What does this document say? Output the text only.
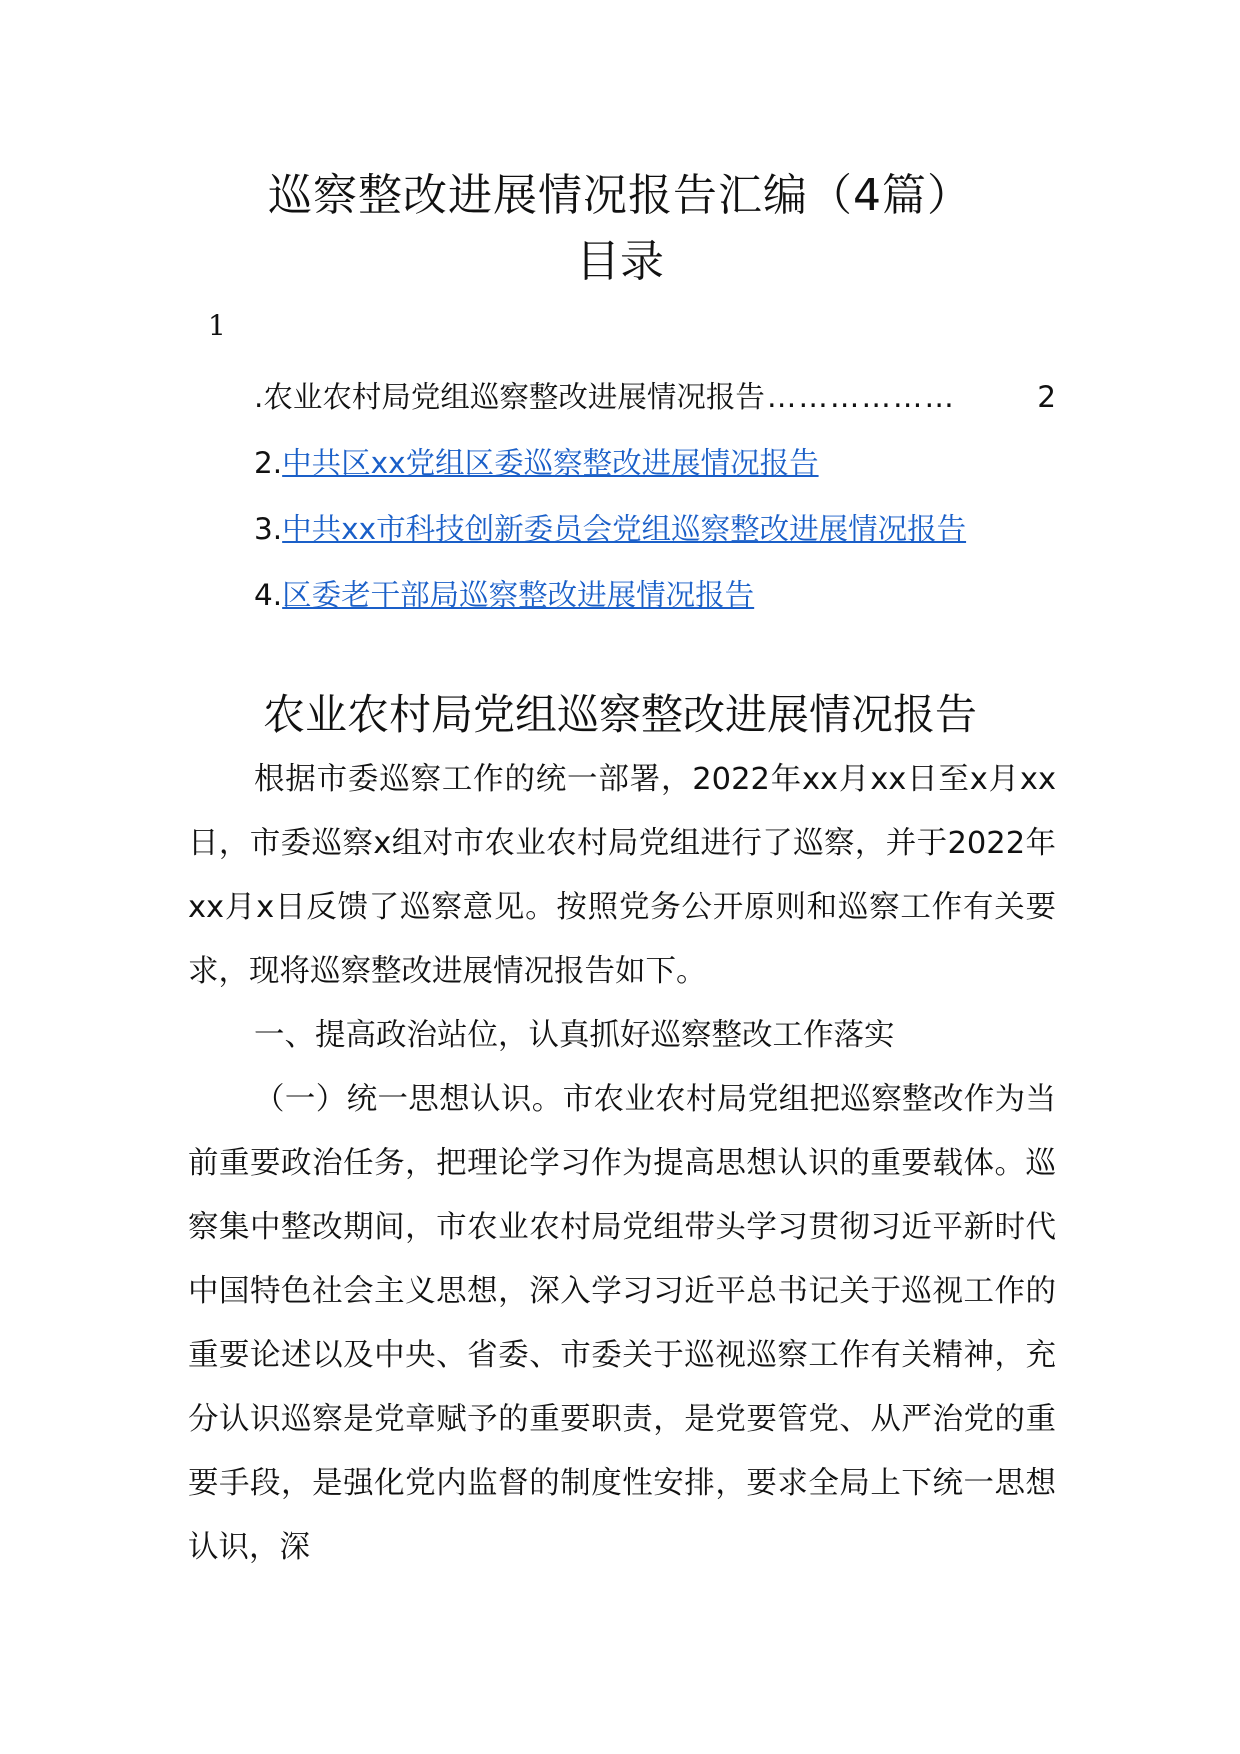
巡察整改进展情况报告汇编（4篇）
目录
1
.农业农村局党组巡察整改进展情况报告 ………………	2
2.中共区xx党组区委巡察整改进展情况报告
3.中共xx市科技创新委员会党组巡察整改进展情况报告
4.区委老干部局巡察整改进展情况报告
农业农村局党组巡察整改进展情况报告

根据市委巡察工作的统一部署，2022年xx月xx日至x月xx日，市委巡察x组对市农业农村局党组进行了巡察，并于2022年xx月x日反馈了巡察意见。按照党务公开原则和巡察工作有关要求，现将巡察整改进展情况报告如下。

一、提高政治站位，认真抓好巡察整改工作落实

（一）统一思想认识。市农业农村局党组把巡察整改作为当前重要政治任务，把理论学习作为提高思想认识的重要载体。巡察集中整改期间，市农业农村局党组带头学习贯彻习近平新时代中国特色社会主义思想，深入学习习近平总书记关于巡视工作的重要论述以及中央、省委、市委关于巡视巡察工作有关精神，充分认识巡察是党章赋予的重要职责，是党要管党、从严治党的重要手段，是强化党内监督的制度性安排，要求全局上下统一思想认识，深
